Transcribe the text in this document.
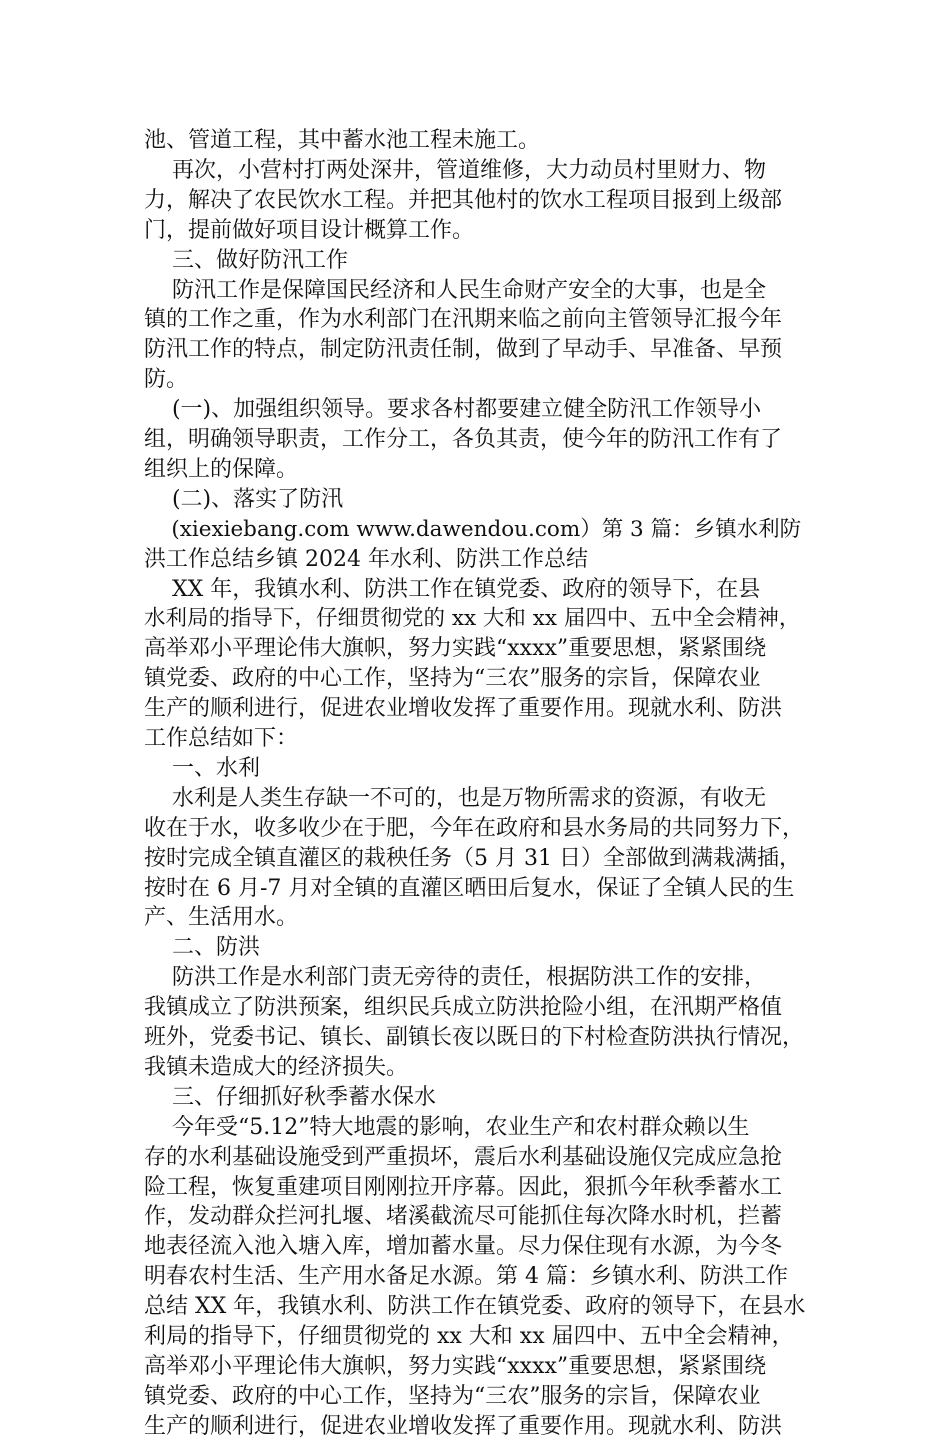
池、管道工程，其中蓄水池工程未施工。
再次，小营村打两处深井，管道维修，大力动员村里财力、物
力，解决了农民饮水工程。并把其他村的饮水工程项目报到上级部
门，提前做好项目设计概算工作。
三、做好防汛工作
防汛工作是保障国民经济和人民生命财产安全的大事，也是全
镇的工作之重，作为水利部门在汛期来临之前向主管领导汇报今年
防汛工作的特点，制定防汛责任制，做到了早动手、早准备、早预
防。
(一)、加强组织领导。要求各村都要建立健全防汛工作领导小
组，明确领导职责，工作分工，各负其责，使今年的防汛工作有了
组织上的保障。
(二)、落实了防汛
(xiexiebang.com www.dawendou.com）第 3 篇：乡镇水利防
洪工作总结乡镇 2024 年水利、防洪工作总结
XX 年，我镇水利、防洪工作在镇党委、政府的领导下，在县
水利局的指导下，仔细贯彻党的 xx 大和 xx 届四中、五中全会精神，
高举邓小平理论伟大旗帜，努力实践“xxxx”重要思想，紧紧围绕
镇党委、政府的中心工作，坚持为“三农”服务的宗旨，保障农业
生产的顺利进行，促进农业增收发挥了重要作用。现就水利、防洪
工作总结如下：
一、水利
水利是人类生存缺一不可的，也是万物所需求的资源，有收无
收在于水，收多收少在于肥，今年在政府和县水务局的共同努力下，
按时完成全镇直灌区的栽秧任务（5 月 31 日）全部做到满栽满插，
按时在 6 月-7 月对全镇的直灌区晒田后复水，保证了全镇人民的生
产、生活用水。
二、防洪
防洪工作是水利部门责无旁待的责任，根据防洪工作的安排，
我镇成立了防洪预案，组织民兵成立防洪抢险小组，在汛期严格值
班外，党委书记、镇长、副镇长夜以既日的下村检查防洪执行情况，
我镇未造成大的经济损失。
三、仔细抓好秋季蓄水保水
今年受“5.12”特大地震的影响，农业生产和农村群众赖以生
存的水利基础设施受到严重损坏，震后水利基础设施仅完成应急抢
险工程，恢复重建项目刚刚拉开序幕。因此，狠抓今年秋季蓄水工
作，发动群众拦河扎堰、堵溪截流尽可能抓住每次降水时机，拦蓄
地表径流入池入塘入库，增加蓄水量。尽力保住现有水源，为今冬
明春农村生活、生产用水备足水源。第 4 篇：乡镇水利、防洪工作
总结 XX 年，我镇水利、防洪工作在镇党委、政府的领导下，在县水
利局的指导下，仔细贯彻党的 xx 大和 xx 届四中、五中全会精神，
高举邓小平理论伟大旗帜，努力实践“xxxx”重要思想，紧紧围绕
镇党委、政府的中心工作，坚持为“三农”服务的宗旨，保障农业
生产的顺利进行，促进农业增收发挥了重要作用。现就水利、防洪
